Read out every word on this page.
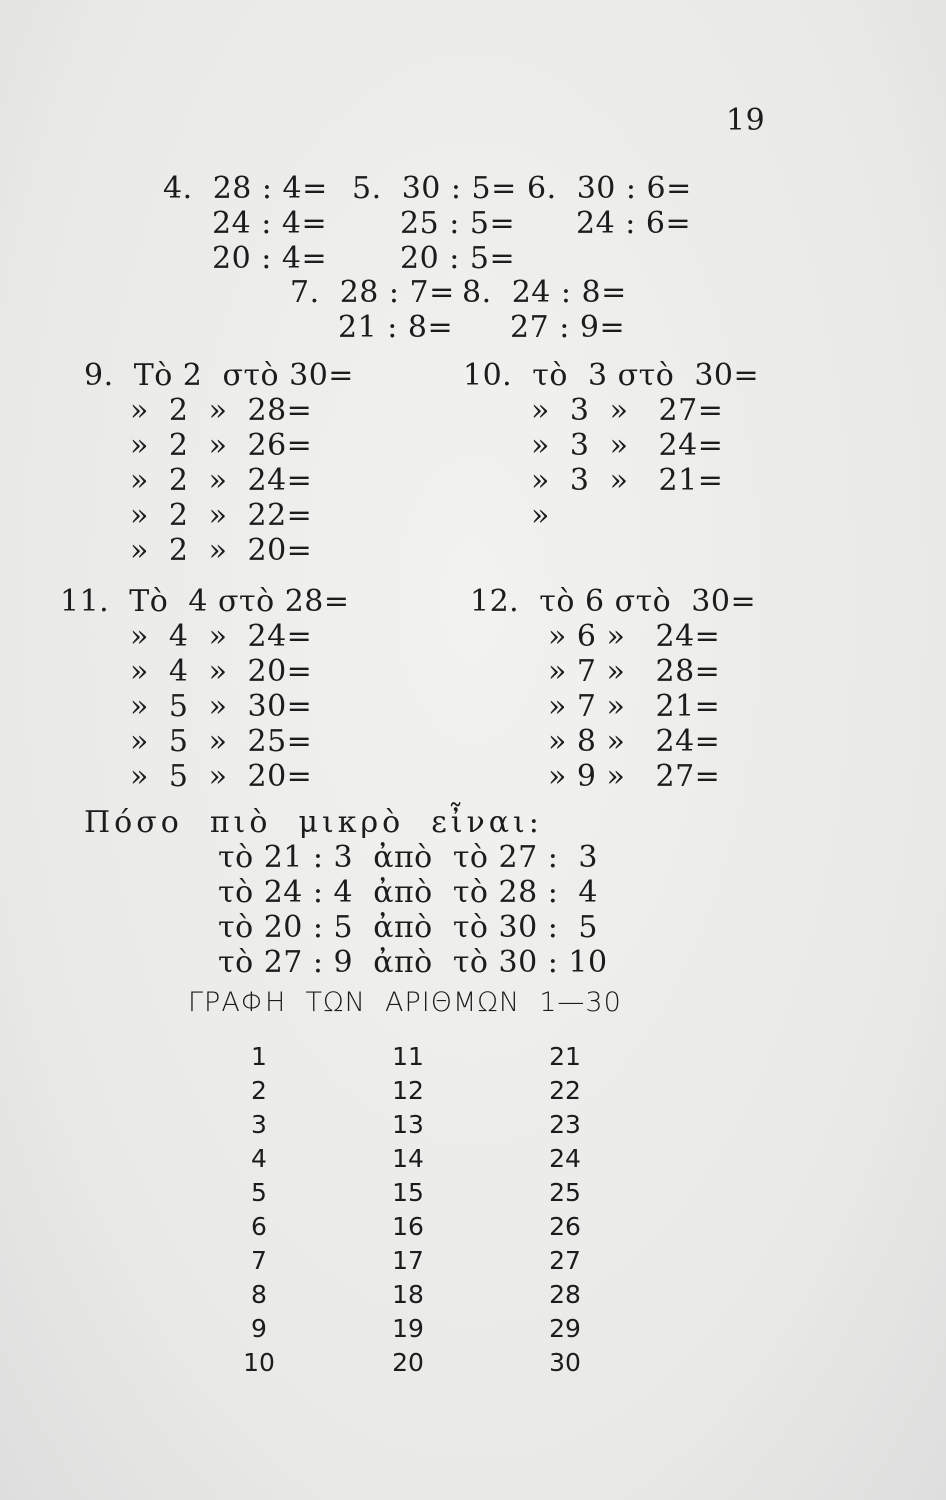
19
4.  28 : 4=
24 : 4=
20 : 4=
5.  30 : 5=
25 : 5=
20 : 5=
6.  30 : 6=
24 : 6=
7.  28 : 7=
21 : 8=
8.  24 : 8=
27 : 9=
9.  Τὸ 2  στὸ 30=
»  2  »  28=
»  2  »  26=
»  2  »  24=
»  2  »  22=
»  2  »  20=
10.  τὸ  3 στὸ  30=
»  3  »   27=
»  3  »   24=
»  3  »   21=
»
11.  Τὸ  4 στὸ 28=
»  4  »  24=
»  4  »  20=
»  5  »  30=
»  5  »  25=
»  5  »  20=
12.  τὸ 6 στὸ  30=
» 6 »   24=
» 7 »   28=
» 7 »   21=
» 8 »   24=
» 9 »   27=
Πόσο  πιὸ  μικρὸ  εἶναι:
τὸ 21 : 3  ἀπὸ  τὸ 27 :  3
τὸ 24 : 4  ἀπὸ  τὸ 28 :  4
τὸ 20 : 5  ἀπὸ  τὸ 30 :  5
τὸ 27 : 9  ἀπὸ  τὸ 30 : 10
ΓΡΑΦΗ  ΤΩΝ  ΑΡΙΘΜΩΝ  1—30
1
2
3
4
5
6
7
8
9
10
11
12
13
14
15
16
17
18
19
20
21
22
23
24
25
26
27
28
29
30
